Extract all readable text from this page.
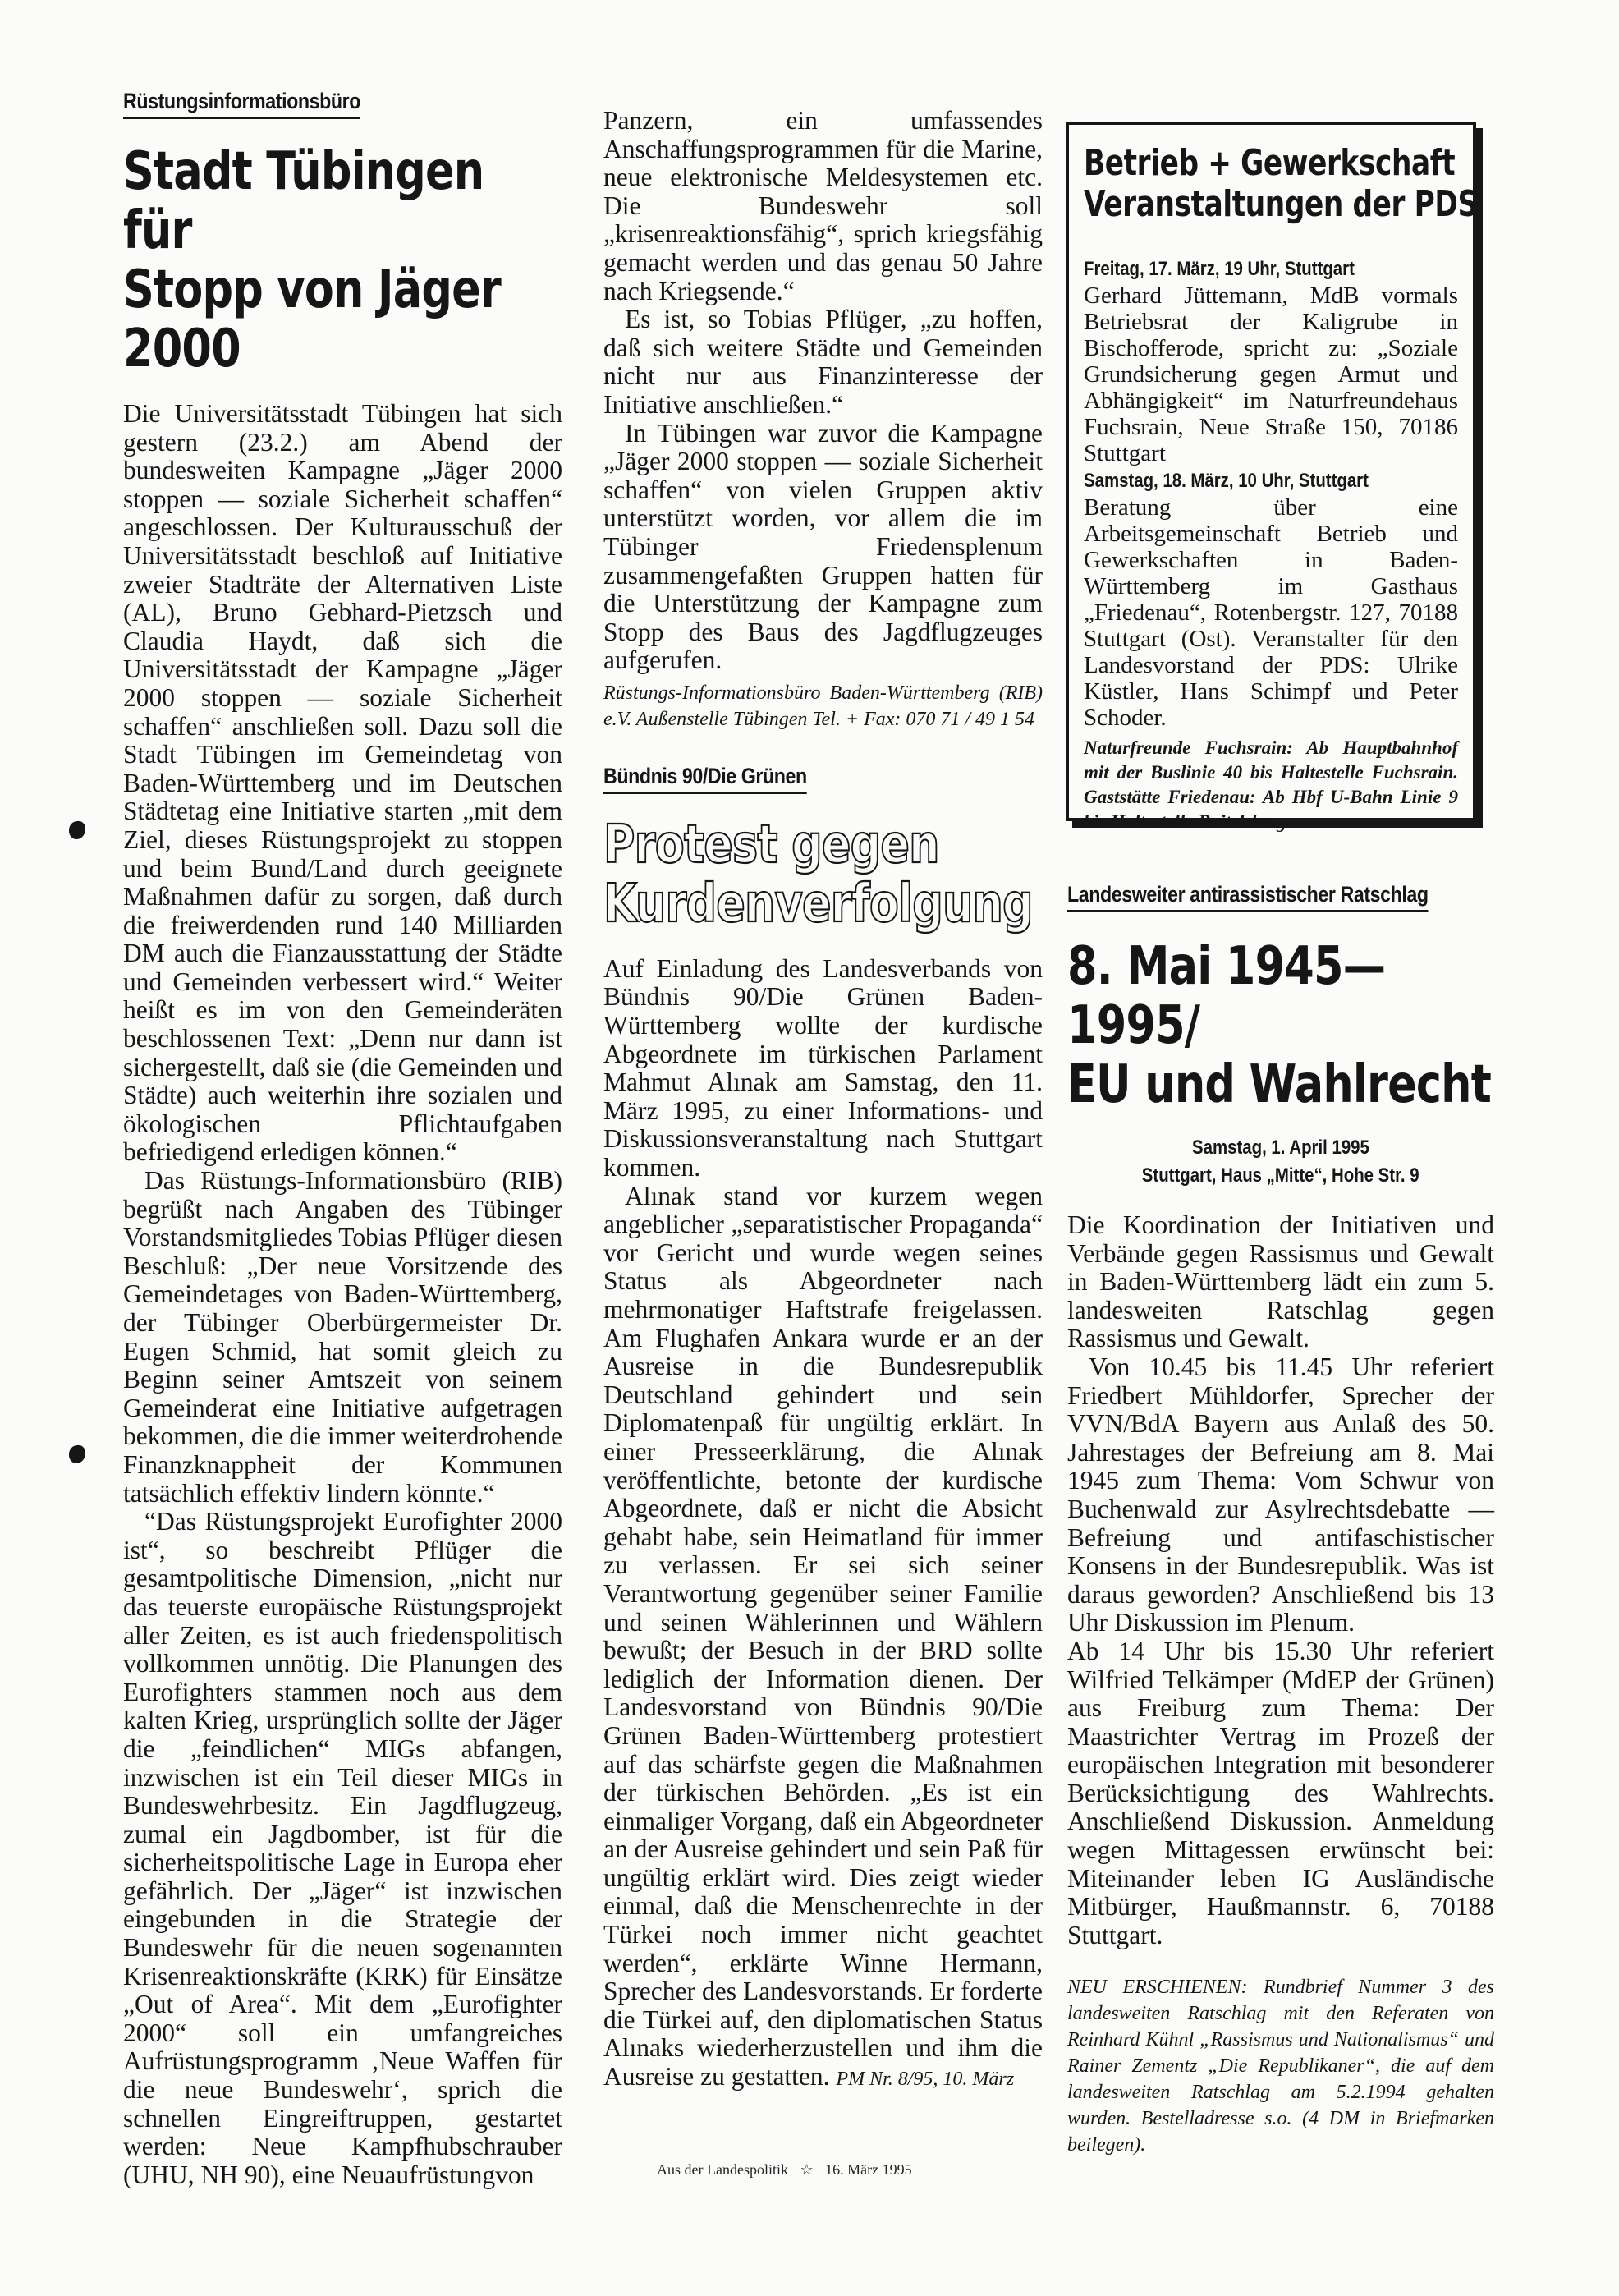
Rüstungsinformationsbüro
Stadt Tübingen für
Stopp von Jäger 2000

Die Universitätsstadt Tübingen hat sich gestern (23.2.) am Abend der bundesweiten Kampagne „Jäger 2000 stoppen — soziale Sicherheit schaffen“ angeschlossen. Der Kulturausschuß der Universitätsstadt beschloß auf Initiative zweier Stadträte der Alternativen Liste (AL), Bruno Gebhard-Pietzsch und Claudia Haydt, daß sich die Universitätsstadt der Kampagne „Jäger 2000 stoppen — soziale Sicherheit schaffen“ anschließen soll. Dazu soll die Stadt Tübingen im Gemeindetag von Baden-Württemberg und im Deutschen Städtetag eine Initiative starten „mit dem Ziel, dieses Rüstungsprojekt zu stoppen und beim Bund/Land durch geeignete Maßnahmen dafür zu sorgen, daß durch die freiwerdenden rund 140 Milliarden DM auch die Fianzausstattung der Städte und Gemeinden verbessert wird.“ Weiter heißt es im von den Gemeinderäten beschlossenen Text: „Denn nur dann ist sichergestellt, daß sie (die Gemeinden und Städte) auch weiterhin ihre sozialen und ökologischen Pflichtaufgaben befriedigend erledigen können.“

Das Rüstungs-Informationsbüro (RIB) begrüßt nach Angaben des Tübinger Vorstandsmitgliedes Tobias Pflüger diesen Beschluß: „Der neue Vorsitzende des Gemeindetages von Baden-Württemberg, der Tübinger Oberbürgermeister Dr. Eugen Schmid, hat somit gleich zu Beginn seiner Amtszeit von seinem Gemeinderat eine Initiative aufgetragen bekommen, die die immer weiterdrohende Finanzknappheit der Kommunen tatsächlich effektiv lindern könnte.“

“Das Rüstungsprojekt Eurofighter 2000 ist“, so beschreibt Pflüger die gesamtpolitische Dimension, „nicht nur das teuerste europäische Rüstungsprojekt aller Zeiten, es ist auch friedenspolitisch vollkommen unnötig. Die Planungen des Eurofighters stammen noch aus dem kalten Krieg, ursprünglich sollte der Jäger die „feindlichen“ MIGs abfangen, inzwischen ist ein Teil dieser MIGs in Bundeswehrbesitz. Ein Jagdflugzeug, zumal ein Jagdbomber, ist für die sicherheitspolitische Lage in Europa eher gefährlich. Der „Jäger“ ist inzwischen eingebunden in die Strategie der Bundeswehr für die neuen sogenannten Krisenreaktionskräfte (KRK) für Einsätze „Out of Area“. Mit dem „Eurofighter 2000“ soll ein umfangreiches Aufrüstungsprogramm ‚Neue Waffen für die neue Bundeswehr‘, sprich die schnellen Eingreiftruppen, gestartet werden: Neue Kampfhubschrauber (UHU, NH 90), eine Neuaufrüstungvon

Panzern, ein umfassendes Anschaffungsprogrammen für die Marine, neue elektronische Meldesystemen etc. Die Bundeswehr soll „krisenreaktionsfähig“, sprich kriegsfähig gemacht werden und das genau 50 Jahre nach Kriegsende.“

Es ist, so Tobias Pflüger, „zu hoffen, daß sich weitere Städte und Gemeinden nicht nur aus Finanzinteresse der Initiative anschließen.“

In Tübingen war zuvor die Kampagne „Jäger 2000 stoppen — soziale Sicherheit schaffen“ von vielen Gruppen aktiv unterstützt worden, vor allem die im Tübinger Friedensplenum zusammengefaßten Gruppen hatten für die Unterstützung der Kampagne zum Stopp des Baus des Jagdflugzeuges aufgerufen.

Rüstungs-Informationsbüro Baden-Württemberg (RIB) e.V. Außenstelle Tübingen Tel. + Fax: 070 71 / 49 1 54
Bündnis 90/Die Grünen
Protest gegen
Kurdenverfolgung

Auf Einladung des Landesverbands von Bündnis 90/Die Grünen Baden-Württemberg wollte der kurdische Abgeordnete im türkischen Parlament Mahmut Alınak am Samstag, den 11. März 1995, zu einer Informations- und Diskussionsveranstaltung nach Stuttgart kommen.

Alınak stand vor kurzem wegen angeblicher „separatistischer Propaganda“ vor Gericht und wurde wegen seines Status als Abgeordneter nach mehrmonatiger Haftstrafe freigelassen. Am Flughafen Ankara wurde er an der Ausreise in die Bundesrepublik Deutschland gehindert und sein Diplomatenpaß für ungültig erklärt. In einer Presseerklärung, die Alınak veröffentlichte, betonte der kurdische Abgeordnete, daß er nicht die Absicht gehabt habe, sein Heimatland für immer zu verlassen. Er sei sich seiner Verantwortung gegenüber seiner Familie und seinen Wählerinnen und Wählern bewußt; der Besuch in der BRD sollte lediglich der Information dienen. Der Landesvorstand von Bündnis 90/Die Grünen Baden-Württemberg protestiert auf das schärfste gegen die Maßnahmen der türkischen Behörden. „Es ist ein einmaliger Vorgang, daß ein Abgeordneter an der Ausreise gehindert und sein Paß für ungültig erklärt wird. Dies zeigt wieder einmal, daß die Menschenrechte in der Türkei noch immer nicht geachtet werden“, erklärte Winne Hermann, Sprecher des Landesvorstands. Er forderte die Türkei auf, den diplomatischen Status Alınaks wiederherzustellen und ihm die Ausreise zu gestatten. PM Nr. 8/95, 10. März

Betrieb + Gewerkschaft
Veranstaltungen der PDS
Freitag, 17. März, 19 Uhr, Stuttgart

Gerhard Jüttemann, MdB vormals Betriebsrat der Kaligrube in Bischofferode, spricht zu: „Soziale Grundsicherung gegen Armut und Abhängigkeit“ im Naturfreundehaus Fuchsrain, Neue Straße 150, 70186 Stuttgart

Samstag, 18. März, 10 Uhr, Stuttgart

Beratung über eine Arbeitsgemeinschaft Betrieb und Gewerkschaften in Baden-Württemberg im Gasthaus „Friedenau“, Rotenbergstr. 127, 70188 Stuttgart (Ost). Veranstalter für den Landesvorstand der PDS: Ulrike Küstler, Hans Schimpf und Peter Schoder.

Naturfreunde Fuchsrain: Ab Hauptbahnhof mit der Buslinie 40 bis Haltestelle Fuchsrain. Gaststätte Friedenau: Ab Hbf U-Bahn Linie 9 bis Haltestelle Raitelsberg.
Landesweiter antirassistischer Ratschlag
8. Mai 1945—1995/
EU und Wahlrecht
Samstag, 1. April 1995
Stuttgart, Haus „Mitte“, Hohe Str. 9

Die Koordination der Initiativen und Verbände gegen Rassismus und Gewalt in Baden-Württemberg lädt ein zum 5. landesweiten Ratschlag gegen Rassismus und Gewalt.

Von 10.45 bis 11.45 Uhr referiert Friedbert Mühldorfer, Sprecher der VVN/BdA Bayern aus Anlaß des 50. Jahrestages der Befreiung am 8. Mai 1945 zum Thema: Vom Schwur von Buchenwald zur Asylrechtsdebatte — Befreiung und antifaschistischer Konsens in der Bundesrepublik. Was ist daraus geworden? Anschließend bis 13 Uhr Diskussion im Plenum.

Ab 14 Uhr bis 15.30 Uhr referiert Wilfried Telkämper (MdEP der Grünen) aus Freiburg zum Thema: Der Maastrichter Vertrag im Prozeß der europäischen Integration mit besonderer Berücksichtigung des Wahlrechts. Anschließend Diskussion. Anmeldung wegen Mittagessen erwünscht bei: Miteinander leben IG Ausländische Mitbürger, Haußmannstr. 6, 70188 Stuttgart.

NEU ERSCHIENEN: Rundbrief Nummer 3 des landesweiten Ratschlag mit den Referaten von Reinhard Kühnl „Rassismus und Nationalismus“ und Rainer Zementz „Die Republikaner“, die auf dem landesweiten Ratschlag am 5.2.1994 gehalten wurden. Bestelladresse s.o. (4 DM in Briefmarken beilegen).
Aus der Landespolitik ☆ 16. März 1995
